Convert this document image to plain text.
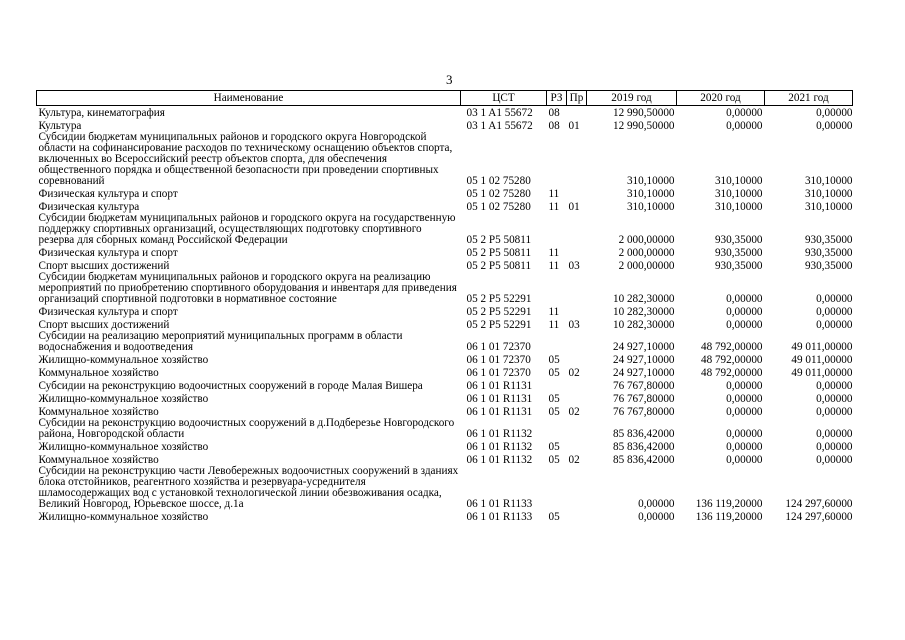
3
Наименование	ЦСТ	РЗ	Пр	2019 год	2020 год	2021 год
Культура, кинематография	03 1 A1 55672	08		12 990,50000	0,00000	0,00000
Культура	03 1 A1 55672	08	01	12 990,50000	0,00000	0,00000
Субсидии бюджетам муниципальных районов и городского округа Новгородской области на софинансирование расходов по техническому оснащению объектов спорта, включенных во Всероссийский реестр объектов спорта, для обеспечения общественного порядка и общественной безопасности при проведении спортивных соревнований	05 1 02 75280			310,10000	310,10000	310,10000
Физическая культура и спорт	05 1 02 75280	11		310,10000	310,10000	310,10000
Физическая культура	05 1 02 75280	11	01	310,10000	310,10000	310,10000
Субсидии бюджетам муниципальных районов и городского округа на государственную поддержку спортивных организаций, осуществляющих подготовку спортивного резерва для сборных команд Российской Федерации	05 2 P5 50811			2 000,00000	930,35000	930,35000
Физическая культура и спорт	05 2 P5 50811	11		2 000,00000	930,35000	930,35000
Спорт высших достижений	05 2 P5 50811	11	03	2 000,00000	930,35000	930,35000
Субсидии бюджетам муниципальных районов и городского округа на реализацию мероприятий по приобретению спортивного оборудования и инвентаря для приведения организаций спортивной подготовки в нормативное состояние	05 2 P5 52291			10 282,30000	0,00000	0,00000
Физическая культура и спорт	05 2 P5 52291	11		10 282,30000	0,00000	0,00000
Спорт высших достижений	05 2 P5 52291	11	03	10 282,30000	0,00000	0,00000
Субсидии на реализацию мероприятий муниципальных программ в области водоснабжения и водоотведения	06 1 01 72370			24 927,10000	48 792,00000	49 011,00000
Жилищно-коммунальное хозяйство	06 1 01 72370	05		24 927,10000	48 792,00000	49 011,00000
Коммунальное хозяйство	06 1 01 72370	05	02	24 927,10000	48 792,00000	49 011,00000
Субсидии на реконструкцию водоочистных сооружений в городе Малая Вишера	06 1 01 R1131			76 767,80000	0,00000	0,00000
Жилищно-коммунальное хозяйство	06 1 01 R1131	05		76 767,80000	0,00000	0,00000
Коммунальное хозяйство	06 1 01 R1131	05	02	76 767,80000	0,00000	0,00000
Субсидии на реконструкцию водоочистных сооружений в д.Подберезье Новгородского района, Новгородской области	06 1 01 R1132			85 836,42000	0,00000	0,00000
Жилищно-коммунальное хозяйство	06 1 01 R1132	05		85 836,42000	0,00000	0,00000
Коммунальное хозяйство	06 1 01 R1132	05	02	85 836,42000	0,00000	0,00000
Субсидии на реконструкцию части Левобережных водоочистных сооружений в зданиях блока отстойников, реагентного хозяйства и резервуара-усреднителя шламосодержащих вод с установкой технологической линии обезвоживания осадка, Великий Новгород, Юрьевское шоссе, д.1а	06 1 01 R1133			0,00000	136 119,20000	124 297,60000
Жилищно-коммунальное хозяйство	06 1 01 R1133	05		0,00000	136 119,20000	124 297,60000
